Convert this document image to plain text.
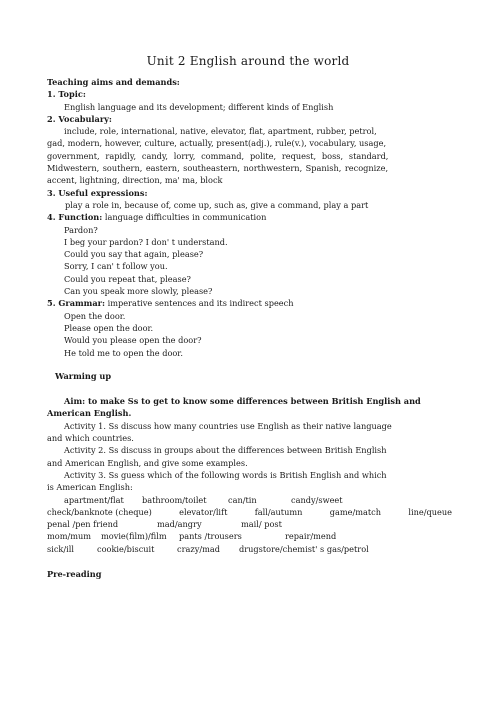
Unit 2 English around the world
Teaching aims and demands:
1. Topic:
English language and its development; different kinds of English
2. Vocabulary:
include, role, international, native, elevator, flat, apartment, rubber, petrol,
gad, modern, however, culture, actually, present(adj.), rule(v.), vocabulary, usage,
government, rapidly, candy, lorry, command, polite, request, boss, standard,
Midwestern, southern, eastern, southeastern, northwestern, Spanish, recognize,
accent, lightning, direction, ma' ma, block
3. Useful expressions:
play a role in, because of, come up, such as, give a command, play a part
4. Function: language difficulties in communication
Pardon?
I beg your pardon? I don' t understand.
Could you say that again, please?
Sorry, I can' t follow you.
Could you repeat that, please?
Can you speak more slowly, please?
5. Grammar: imperative sentences and its indirect speech
Open the door.
Please open the door.
Would you please open the door?
He told me to open the door.
Warming up
Aim: to make Ss to get to know some differences between British English and
American English.
Activity 1. Ss discuss how many countries use English as their native language
and which countries.
Activity 2. Ss discuss in groups about the differences between British English
and American English, and give some examples.
Activity 3. Ss guess which of the following words is British English and which
is American English:
apartment/flat	bathroom/toilet	can/tin	candy/sweet
check/banknote (cheque)	elevator/lift	fall/autumn	game/match	line/queue
penal /pen friend	mad/angry	mail/ post
mom/mum	movie(film)/film	pants /trousers	repair/mend
sick/ill	cookie/biscuit	crazy/mad	drugstore/chemist' s gas/petrol
Pre-reading
